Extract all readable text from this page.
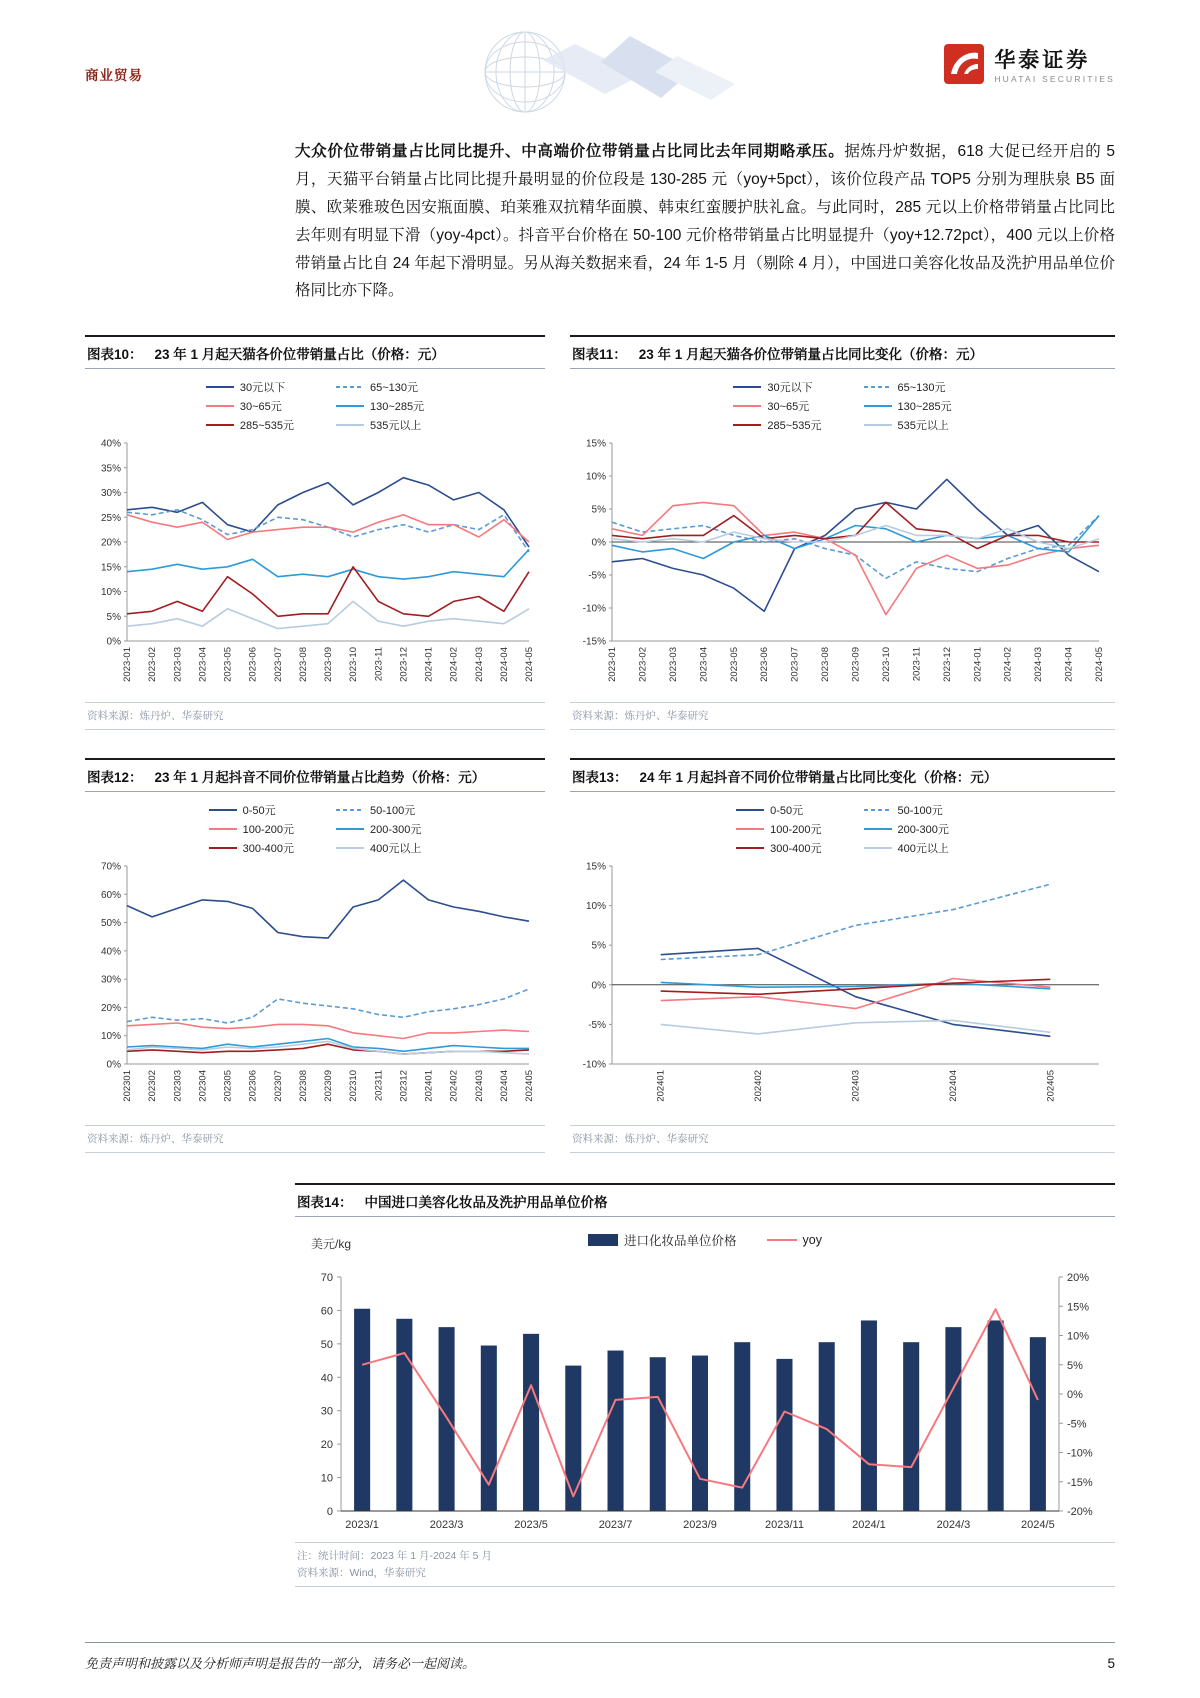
商业贸易
华泰证券
HUATAI SECURITIES

大众价位带销量占比同比提升、中高端价位带销量占比同比去年同期略承压。据炼丹炉数据，618 大促已经开启的 5 月，天猫平台销量占比同比提升最明显的价位段是 130-285 元（yoy+5pct），该价位段产品 TOP5 分别为理肤泉 B5 面膜、欧莱雅玻色因安瓶面膜、珀莱雅双抗精华面膜、韩束红蛮腰护肤礼盒。与此同时，285 元以上价格带销量占比同比去年则有明显下滑（yoy-4pct）。抖音平台价格在 50-100 元价格带销量占比明显提升（yoy+12.72pct），400 元以上价格带销量占比自 24 年起下滑明显。另从海关数据来看，24 年 1-5 月（剔除 4 月），中国进口美容化妆品及洗护用品单位价格同比亦下降。

图表10： 23 年 1 月起天猫各价位带销量占比（价格：元）
30元以下	65~130元
30~65元	130~285元
285~535元	535元以上
0%
5%
10%
15%
20%
25%
30%
35%
40%
2023-01 2023-02 2023-03 2023-04 2023-05 2023-06 2023-07 2023-08 2023-09 2023-10 2023-11 2023-12 2024-01 2024-02 2024-03 2024-04 2024-05
资料来源：炼丹炉、华泰研究
图表11： 23 年 1 月起天猫各价位带销量占比同比变化（价格：元）
30元以下	65~130元
30~65元	130~285元
285~535元	535元以上
-15%
-10%
-5%
0%
5%
10%
15%
2023-01 2023-02 2023-03 2023-04 2023-05 2023-06 2023-07 2023-08 2023-09 2023-10 2023-11 2023-12 2024-01 2024-02 2024-03 2024-04 2024-05
资料来源：炼丹炉、华泰研究
图表12： 23 年 1 月起抖音不同价位带销量占比趋势（价格：元）
0-50元	50-100元
100-200元	200-300元
300-400元	400元以上
0%
10%
20%
30%
40%
50%
60%
70%
202301 202302 202303 202304 202305 202306 202307 202308 202309 202310 202311 202312 202401 202402 202403 202404 202405
资料来源：炼丹炉、华泰研究
图表13： 24 年 1 月起抖音不同价位带销量占比同比变化（价格：元）
0-50元	50-100元
100-200元	200-300元
300-400元	400元以上
-10%
-5%
0%
5%
10%
15%
202401	202402	202403	202404	202405
资料来源：炼丹炉、华泰研究
图表14： 中国进口美容化妆品及洗护用品单位价格
美元/kg	进口化妆品单位价格	yoy
0
10
20
30
40
50
60
70
-20%
-15%
-10%
-5%
0%
5%
10%
15%
20%
2023/1	2023/3	2023/5	2023/7	2023/9	2023/11	2024/1	2024/3	2024/5
注：统计时间：2023 年 1 月-2024 年 5 月
资料来源：Wind，华泰研究
免责声明和披露以及分析师声明是报告的一部分，请务必一起阅读。	5
